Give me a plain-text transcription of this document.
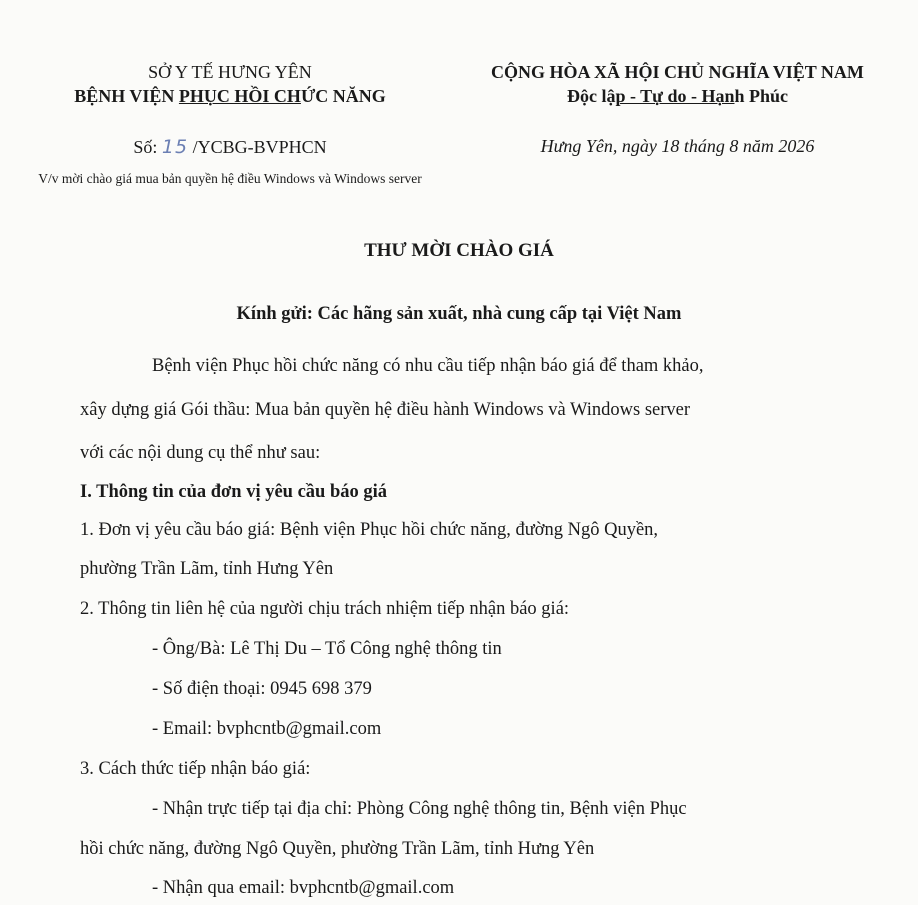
SỞ Y TẾ HƯNG YÊN
BỆNH VIỆN PHỤC HỒI CHỨC NĂNG
CỘNG HÒA XÃ HỘI CHỦ NGHĨA VIỆT NAM
Độc lập - Tự do - Hạnh Phúc
Số: 15 /YCBG-BVPHCN	Hưng Yên, ngày 18 tháng 8 năm 2026
V/v mời chào giá mua bản quyền hệ điều Windows và Windows server
THƯ MỜI CHÀO GIÁ
Kính gửi: Các hãng sản xuất, nhà cung cấp tại Việt Nam
Bệnh viện Phục hồi chức năng có nhu cầu tiếp nhận báo giá để tham khảo,
xây dựng giá Gói thầu: Mua bản quyền hệ điều hành Windows và Windows server
với các nội dung cụ thể như sau:
I. Thông tin của đơn vị yêu cầu báo giá
1. Đơn vị yêu cầu báo giá: Bệnh viện Phục hồi chức năng, đường Ngô Quyền,
phường Trần Lãm, tỉnh Hưng Yên
2. Thông tin liên hệ của người chịu trách nhiệm tiếp nhận báo giá:
- Ông/Bà: Lê Thị Du – Tổ Công nghệ thông tin
- Số điện thoại: 0945 698 379
- Email: bvphcntb@gmail.com
3. Cách thức tiếp nhận báo giá:
- Nhận trực tiếp tại địa chỉ: Phòng Công nghệ thông tin, Bệnh viện Phục
hồi chức năng, đường Ngô Quyền, phường Trần Lãm, tỉnh Hưng Yên
- Nhận qua email: bvphcntb@gmail.com
